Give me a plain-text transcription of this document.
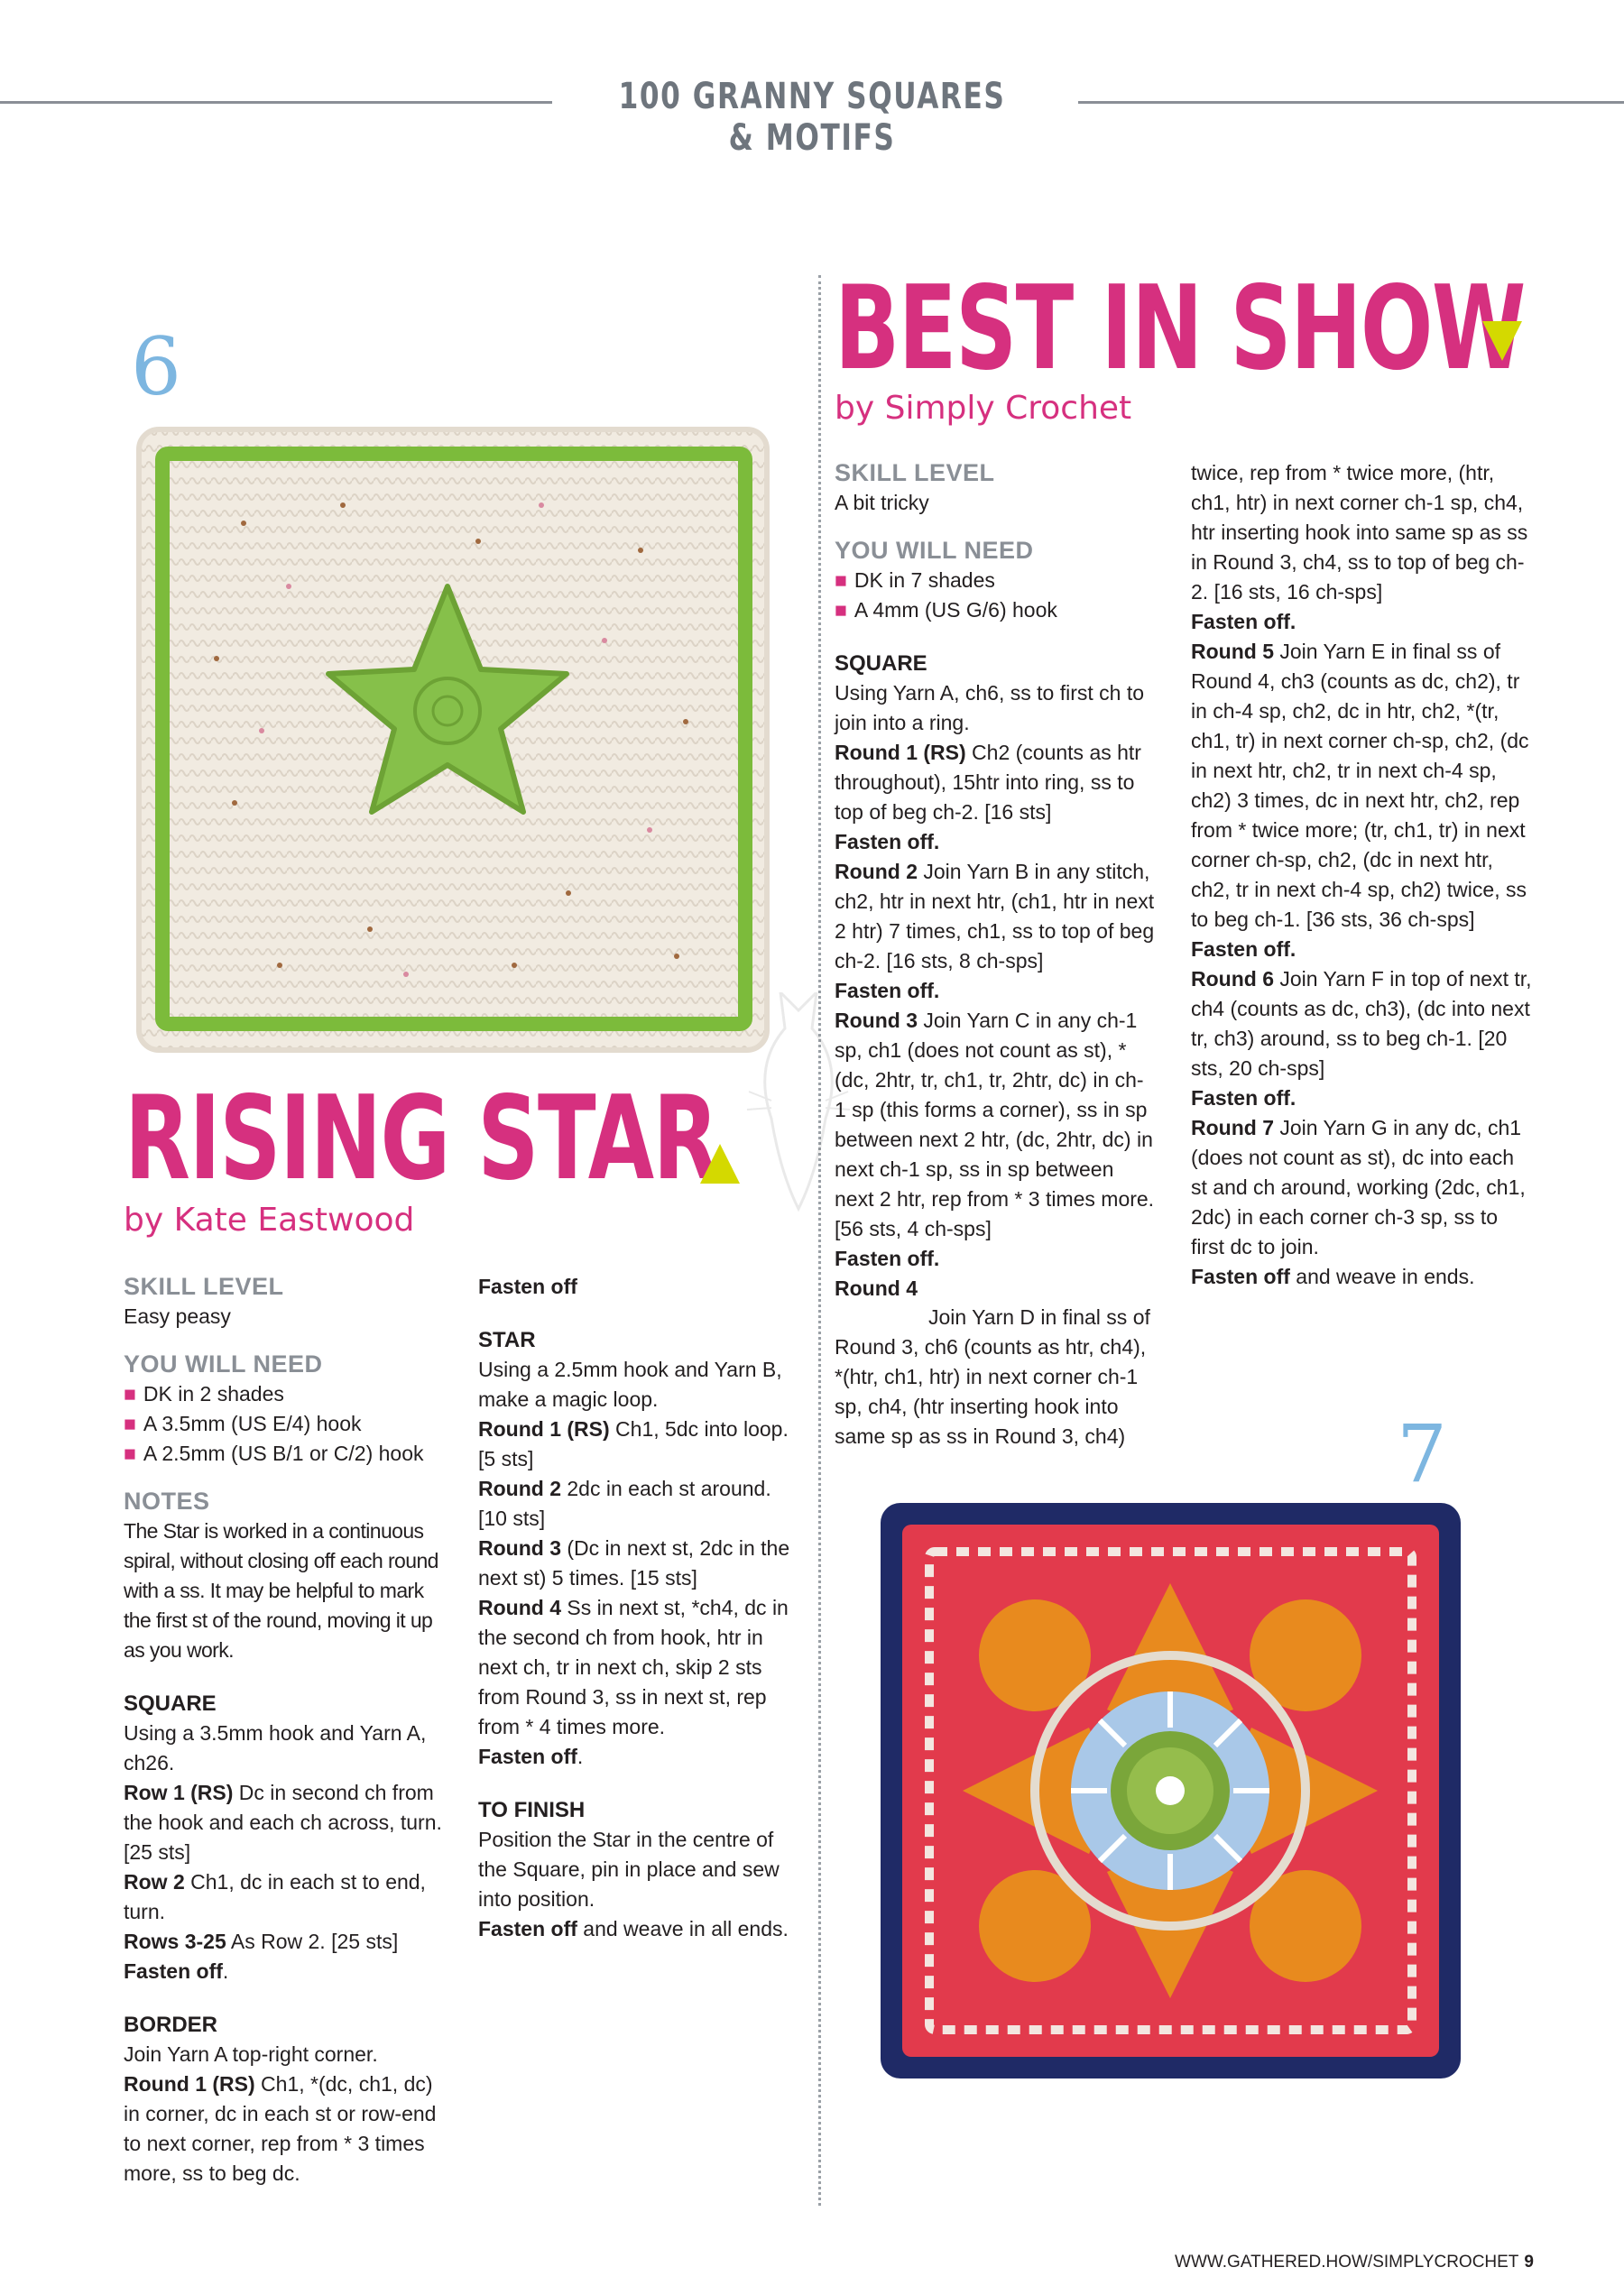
100 GRANNY SQUARES & MOTIFS
6
RISING STAR
by Kate Eastwood

SKILL LEVEL

Easy peasy

YOU WILL NEED

■ DK in 2 shades

■ A 3.5mm (US E/4) hook

■ A 2.5mm (US B/1 or C/2) hook

NOTES

The Star is worked in a continuous spiral, without closing off each round with a ss. It may be helpful to mark the first st of the round, moving it up as you work.

SQUARE

Using a 3.5mm hook and Yarn A, ch26.

Row 1 (RS) Dc in second ch from the hook and each ch across, turn. [25 sts]

Row 2 Ch1, dc in each st to end, turn.

Rows 3-25 As Row 2. [25 sts]

Fasten off.

BORDER

Join Yarn A top-right corner.

Round 1 (RS) Ch1, *(dc, ch1, dc) in corner, dc in each st or row-end to next corner, rep from * 3 times more, ss to beg dc.

Fasten off

STAR

Using a 2.5mm hook and Yarn B, make a magic loop.

Round 1 (RS) Ch1, 5dc into loop. [5 sts]

Round 2 2dc in each st around. [10 sts]

Round 3 (Dc in next st, 2dc in the next st) 5 times. [15 sts]

Round 4 Ss in next st, *ch4, dc in the second ch from hook, htr in next ch, tr in next ch, skip 2 sts from Round 3, ss in next st, rep from * 4 times more.

Fasten off.

TO FINISH

Position the Star in the centre of the Square, pin in place and sew into position.

Fasten off and weave in all ends.

BEST IN SHOW
by Simply Crochet

SKILL LEVEL

A bit tricky

YOU WILL NEED

■ DK in 7 shades

■ A 4mm (US G/6) hook

SQUARE

Using Yarn A, ch6, ss to first ch to join into a ring.

Round 1 (RS) Ch2 (counts as htr throughout), 15htr into ring, ss to top of beg ch-2. [16 sts]

Fasten off.

Round 2 Join Yarn B in any stitch, ch2, htr in next htr, (ch1, htr in next 2 htr) 7 times, ch1, ss to top of beg ch-2. [16 sts, 8 ch-sps]

Fasten off.

Round 3 Join Yarn C in any ch-1 sp, ch1 (does not count as st), *(dc, 2htr, tr, ch1, tr, 2htr, dc) in ch-1 sp (this forms a corner), ss in sp between next 2 htr, (dc, 2htr, dc) in next ch-1 sp, ss in sp between next 2 htr, rep from * 3 times more. [56 sts, 4 ch-sps]

Fasten off.

Round 4

Join Yarn D in final ss of Round 3, ch6 (counts as htr, ch4), *(htr, ch1, htr) in next corner ch-1 sp, ch4, (htr inserting hook into same sp as ss in Round 3, ch4)

twice, rep from * twice more, (htr, ch1, htr) in next corner ch-1 sp, ch4, htr inserting hook into same sp as ss in Round 3, ch4, ss to top of beg ch-2. [16 sts, 16 ch-sps]

Fasten off.

Round 5 Join Yarn E in final ss of Round 4, ch3 (counts as dc, ch2), tr in ch-4 sp, ch2, dc in htr, ch2, *(tr, ch1, tr) in next corner ch-sp, ch2, (dc in next htr, ch2, tr in next ch-4 sp, ch2) 3 times, dc in next htr, ch2, rep from * twice more; (tr, ch1, tr) in next corner ch-sp, ch2, (dc in next htr, ch2, tr in next ch-4 sp, ch2) twice, ss to beg ch-1. [36 sts, 36 ch-sps]

Fasten off.

Round 6 Join Yarn F in top of next tr, ch4 (counts as dc, ch3), (dc into next tr, ch3) around, ss to beg ch-1. [20 sts, 20 ch-sps]

Fasten off.

Round 7 Join Yarn G in any dc, ch1 (does not count as st), dc into each st and ch around, working (2dc, ch1, 2dc) in each corner ch-3 sp, ss to first dc to join.

Fasten off and weave in ends.

7
WWW.GATHERED.HOW/SIMPLYCROCHET 9
